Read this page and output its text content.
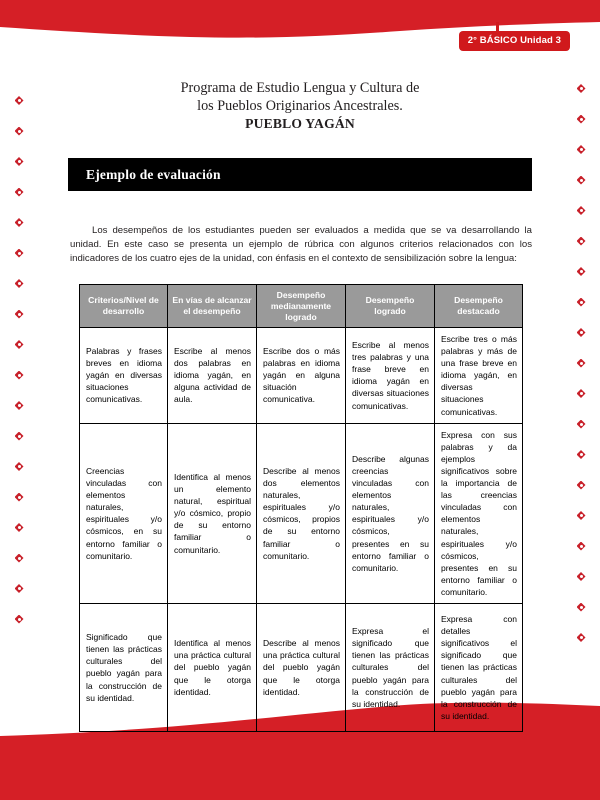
2° BÁSICO Unidad 3
Programa de Estudio Lengua y Cultura de
los Pueblos Originarios Ancestrales.
PUEBLO YAGÁN
Ejemplo de evaluación

Los desempeños de los estudiantes pueden ser evaluados a medida que se va desarrollando la unidad. En este caso se presenta un ejemplo de rúbrica con algunos criterios relacionados con los indicadores de los cuatro ejes de la unidad, con énfasis en el contexto de sensibilización sobre la lengua:

Criterios/Nivel de desarrollo	En vías de alcanzar el desempeño	Desempeño medianamente logrado	Desempeño logrado	Desempeño destacado
Palabras y frases breves en idioma yagán en diversas situaciones comunicativas.	Escribe al menos dos palabras en idioma yagán, en alguna actividad de aula.	Escribe dos o más palabras en idioma yagán en alguna situación comunicativa.	Escribe al menos tres palabras y una frase breve en idioma yagán en diversas situaciones comunicativas.	Escribe tres o más palabras y más de una frase breve en idioma yagán, en diversas situaciones comunicativas.
Creencias vinculadas con elementos naturales, espirituales y/o cósmicos, en su entorno familiar o comunitario.	Identifica al menos un elemento natural, espiritual y/o cósmico, propio de su entorno familiar o comunitario.	Describe al menos dos elementos naturales, espirituales y/o cósmicos, propios de su entorno familiar o comunitario.	Describe algunas creencias vinculadas con elementos naturales, espirituales y/o cósmicos, presentes en su entorno familiar o comunitario.	Expresa con sus palabras y da ejemplos significativos sobre la importancia de las creencias vinculadas con elementos naturales, espirituales y/o cósmicos, presentes en su entorno familiar o comunitario.
Significado que tienen las prácticas culturales del pueblo yagán para la construcción de su identidad.	Identifica al menos una práctica cultural del pueblo yagán que le otorga identidad.	Describe al menos una práctica cultural del pueblo yagán que le otorga identidad.	Expresa el significado que tienen las prácticas culturales del pueblo yagán para la construcción de su identidad.	Expresa con detalles significativos el significado que tienen las prácticas culturales del pueblo yagán para la construcción de su identidad.
